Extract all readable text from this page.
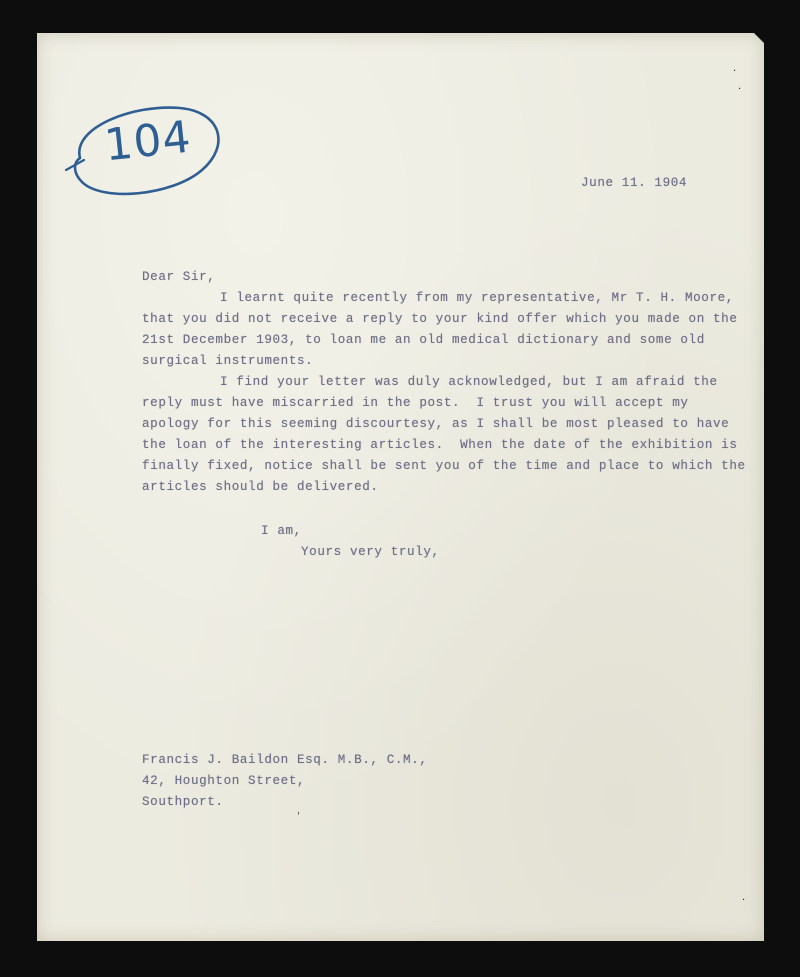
104
June 11. 1904
Dear Sir,
I learnt quite recently from my representative, Mr T. H. Moore,
that you did not receive a reply to your kind offer which you made on the
21st December 1903, to loan me an old medical dictionary and some old
surgical instruments.
I find your letter was duly acknowledged, but I am afraid the
reply must have miscarried in the post.  I trust you will accept my
apology for this seeming discourtesy, as I shall be most pleased to have
the loan of the interesting articles.  When the date of the exhibition is
finally fixed, notice shall be sent you of the time and place to which the
articles should be delivered.
I am,
Yours very truly,
Francis J. Baildon Esq. M.B., C.M.,
42, Houghton Street,
Southport.
ˌ
·
·
·
